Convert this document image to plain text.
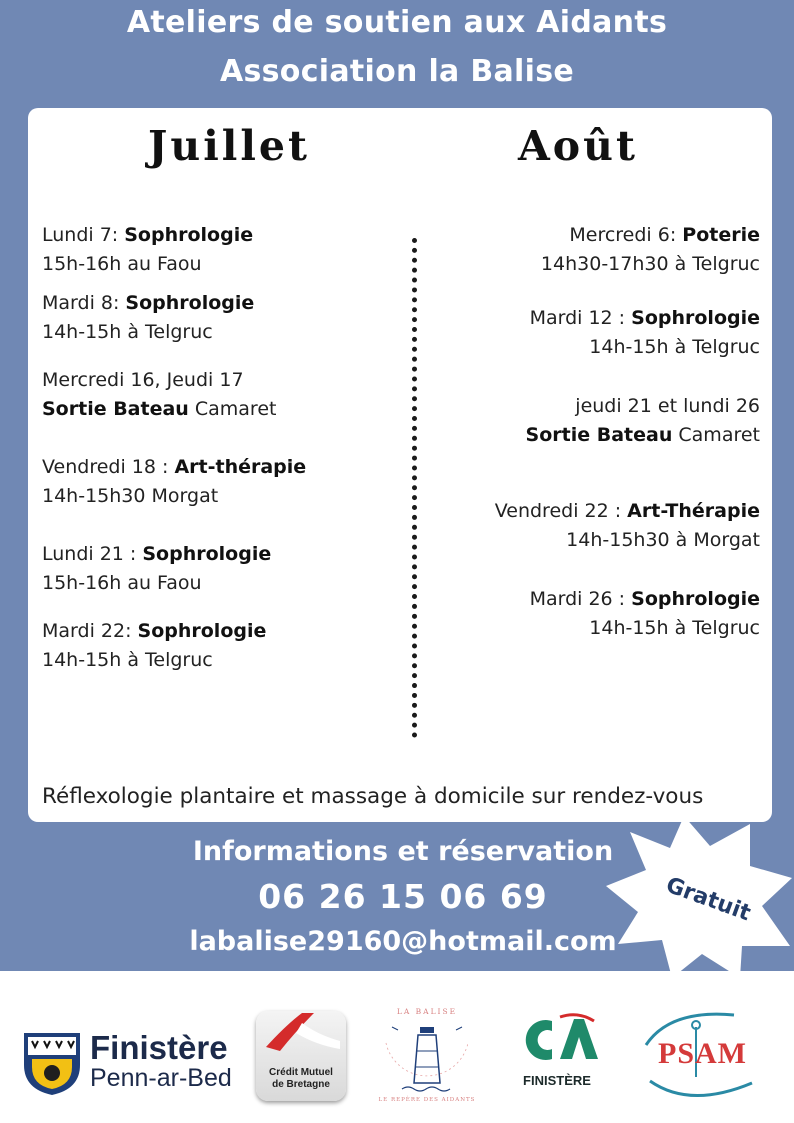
Ateliers de soutien aux Aidants
Association la Balise
Juillet	Août
Lundi 7: Sophrologie
15h-16h au Faou
Mardi 8: Sophrologie
14h-15h à Telgruc
Mercredi 16, Jeudi 17
Sortie Bateau Camaret
Vendredi 18 : Art-thérapie
14h-15h30 Morgat
Lundi 21 : Sophrologie
15h-16h au Faou
Mardi 22: Sophrologie
14h-15h à Telgruc
Mercredi 6: Poterie
14h30-17h30 à Telgruc
Mardi 12 : Sophrologie
14h-15h à Telgruc
jeudi 21 et lundi 26
Sortie Bateau Camaret
Vendredi 22 : Art-Thérapie
14h-15h30 à Morgat
Mardi 26 : Sophrologie
14h-15h à Telgruc
Réflexologie plantaire et massage à domicile sur rendez-vous
Informations et réservation
06 26 15 06 69
labalise29160@hotmail.com
Gratuit
Finistère
Penn-ar-Bed	Crédit Mutuel
de Bretagne
LA BALISE
LE REPÈRE DES AIDANTS
FINISTÈRE
PSAM
